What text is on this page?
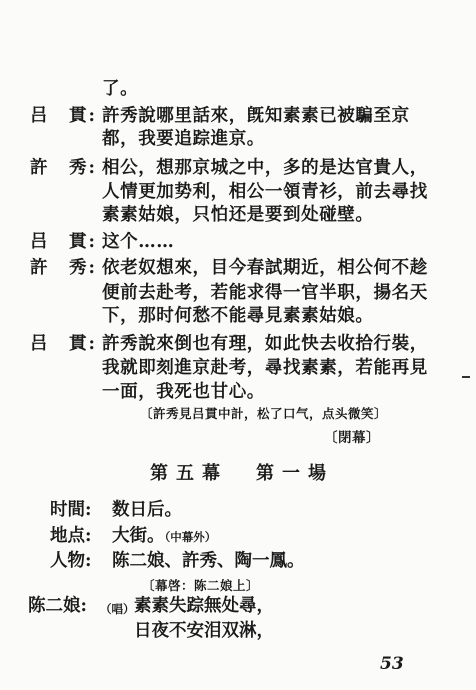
了。
吕　貫: 許秀說哪里話來，旣知素素已被騙至京
都，我要追踪進京。
許　秀: 相公，想那京城之中，多的是达官貴人，
人情更加势利，相公一領青衫，前去尋找
素素姑娘，只怕还是要到处碰壁。
吕　貫: 这个……
許　秀: 依老奴想來，目今春試期近，相公何不趁
便前去赴考，若能求得一官半职，揚名天
下，那时何愁不能尋見素素姑娘。
吕　貫: 許秀說來倒也有理，如此快去收拾行裝，
我就即刻進京赴考，尋找素素，若能再見
一面，我死也甘心。
〔許秀見吕貫中計，松了口气，点头微笑〕
〔閉幕〕
第五幕 第一場
时間:	数日后。
地点:	大街。（中幕外）
人物:	陈二娘、許秀、陶一鳳。
〔幕啓：陈二娘上〕
陈二娘: （唱） 素素失踪無处尋，
日夜不安泪双淋，
53
